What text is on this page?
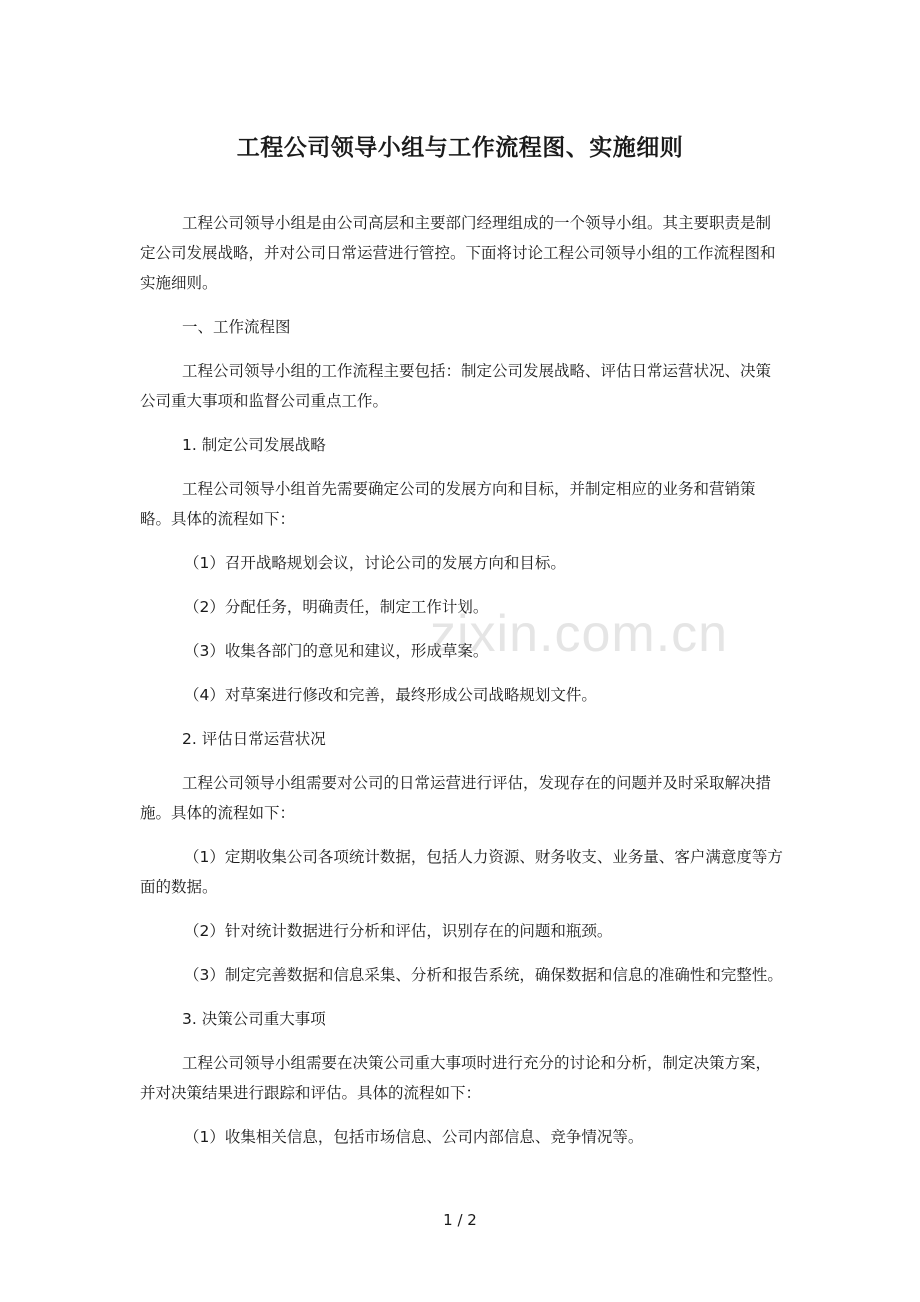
工程公司领导小组与工作流程图、实施细则

工程公司领导小组是由公司高层和主要部门经理组成的一个领导小组。其主要职责是制定公司发展战略，并对公司日常运营进行管控。下面将讨论工程公司领导小组的工作流程图和实施细则。

一、工作流程图

工程公司领导小组的工作流程主要包括：制定公司发展战略、评估日常运营状况、决策公司重大事项和监督公司重点工作。

1. 制定公司发展战略

工程公司领导小组首先需要确定公司的发展方向和目标，并制定相应的业务和营销策略。具体的流程如下：

（1）召开战略规划会议，讨论公司的发展方向和目标。

（2）分配任务，明确责任，制定工作计划。

（3）收集各部门的意见和建议，形成草案。

（4）对草案进行修改和完善，最终形成公司战略规划文件。

2. 评估日常运营状况

工程公司领导小组需要对公司的日常运营进行评估，发现存在的问题并及时采取解决措施。具体的流程如下：

（1）定期收集公司各项统计数据，包括人力资源、财务收支、业务量、客户满意度等方面的数据。

（2）针对统计数据进行分析和评估，识别存在的问题和瓶颈。

（3）制定完善数据和信息采集、分析和报告系统，确保数据和信息的准确性和完整性。

3. 决策公司重大事项

工程公司领导小组需要在决策公司重大事项时进行充分的讨论和分析，制定决策方案，并对决策结果进行跟踪和评估。具体的流程如下：

（1）收集相关信息，包括市场信息、公司内部信息、竞争情况等。

zixin.com.cn
1 / 2
